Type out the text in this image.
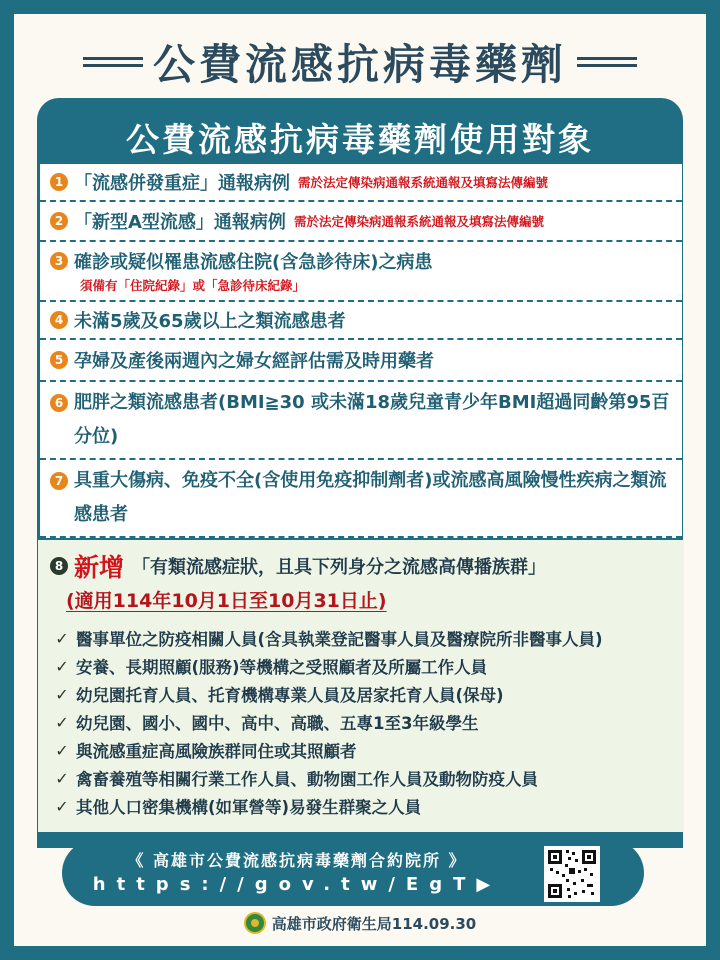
公費流感抗病毒藥劑
公費流感抗病毒藥劑使用對象
1 「流感併發重症」通報病例 需於法定傳染病通報系統通報及填寫法傳編號
2 「新型A型流感」通報病例 需於法定傳染病通報系統通報及填寫法傳編號
3 確診或疑似罹患流感住院(含急診待床)之病患
須備有「住院紀錄」或「急診待床紀錄」
4 未滿5歲及65歲以上之類流感患者
5 孕婦及產後兩週內之婦女經評估需及時用藥者
6 肥胖之類流感患者(BMI≧30 或未滿18歲兒童青少年BMI超過同齡第95百分位)
7 具重大傷病、免疫不全(含使用免疫抑制劑者)或流感高風險慢性疾病之類流感患者
8 新增 「有類流感症狀，且具下列身分之流感高傳播族群」
(適用114年10月1日至10月31日止)
✓ 醫事單位之防疫相關人員(含具執業登記醫事人員及醫療院所非醫事人員)
✓ 安養、長期照顧(服務)等機構之受照顧者及所屬工作人員
✓ 幼兒園托育人員、托育機構專業人員及居家托育人員(保母)
✓ 幼兒園、國小、國中、高中、高職、五專1至3年級學生
✓ 與流感重症高風險族群同住或其照顧者
✓ 禽畜養殖等相關行業工作人員、動物園工作人員及動物防疫人員
✓ 其他人口密集機構(如軍營等)易發生群聚之人員
《 高雄市公費流感抗病毒藥劑合約院所 》
https://gov.tw/EgT▶
高雄市政府衛生局114.09.30
